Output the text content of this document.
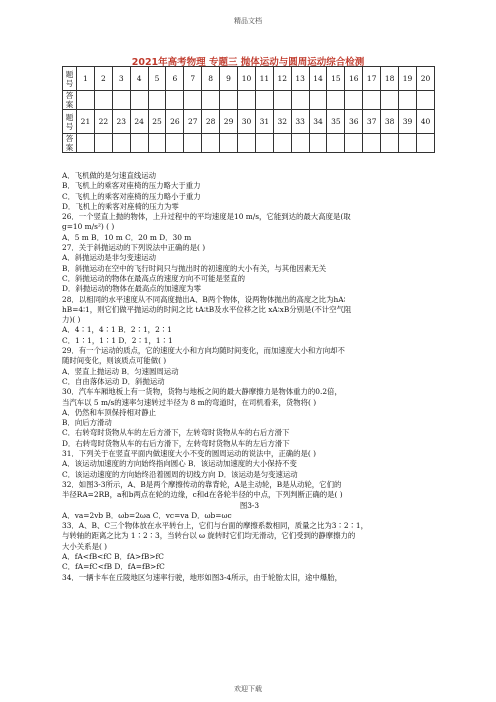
精品文档
2021年高考物理 专题三 抛体运动与圆周运动综合检测
题号	1	2	3	4	5	6	7	8	9	10	11	12	13	14	15	16	17	18	19	20
答案																				
题号	21	22	23	24	25	26	27	28	29	30	31	32	33	34	35	36	37	38	39	40
答案																				

A．飞机做的是匀速直线运动

B．飞机上的乘客对座椅的压力略大于重力

C．飞机上的乘客对座椅的压力略小于重力

D．飞机上的乘客对座椅的压力为零

26．一个竖直上抛的物体，上升过程中的平均速度是10 m/s，它能到达的最大高度是(取

g=10 m/s²) ( )

A．5 m B．10 m C．20 m D．30 m

27．关于斜抛运动的下列说法中正确的是( )

A．斜抛运动是非匀变速运动

B．斜抛运动在空中的飞行时间只与抛出时的初速度的大小有关，与其他因素无关

C．斜抛运动的物体在最高点的速度方向不可能是竖直的

D．斜抛运动的物体在最高点的加速度为零

28．以相同的水平速度从不同高度抛出A、B两个物体，设两物体抛出的高度之比为hA∶

hB=4∶1，则它们做平抛运动的时间之比 tA∶tB及水平位移之比 xA∶xB分别是(不计空气阻

力)( )

A．4∶1，4∶1 B．2∶1，2∶1

C．1∶1，1∶1 D．2∶1，1∶1

29．有一个运动的质点，它的速度大小和方向均随时间变化，而加速度大小和方向却不

随时间变化，则该质点可能做( )

A．竖直上抛运动 B．匀速圆周运动

C．自由落体运动 D．斜抛运动

30．汽车车厢地板上有一货物，货物与地板之间的最大静摩擦力是物体重力的0.2倍，

当汽车以 5 m/s的速率匀速转过半径为 8 m的弯道时，在司机看来，货物将( )

A．仍然和车顶保持相对静止

B．向后方滑动

C．右转弯时货物从车的左后方滑下，左转弯时货物从车的右后方滑下

D．右转弯时货物从车的右后方滑下，左转弯时货物从车的左后方滑下

31．下列关于在竖直平面内做速度大小不变的圆周运动的说法中，正确的是( )

A．该运动加速度的方向始终指向圆心 B．该运动加速度的大小保持不变

C．该运动速度的方向始终沿着圆周的切线方向 D．该运动是匀变速运动

32．如图3-3所示，A、B是两个摩擦传动的靠背轮，A是主动轮，B是从动轮，它们的

半径RA=2RB，a和b两点在轮的边缘，c和d在各轮半径的中点，下列判断正确的是( )

图3-3

A．va=2vb B．ωb=2ωa C．vc=va D．ωb=ωc

33．A、B、C三个物体放在水平转台上，它们与台面的摩擦系数相同，质量之比为3∶2∶1，

与转轴的距离之比为 1∶2∶3，当转台以 ω 旋转时它们均无滑动，它们受到的静摩擦力的

大小关系是( )

A．fA<fB<fC B．fA>fB>fC

C．fA=fC<fB D．fA=fB>fC

34．一辆卡车在丘陵地区匀速率行驶，地形如图3-4所示，由于轮胎太旧，途中爆胎，

欢迎下载
